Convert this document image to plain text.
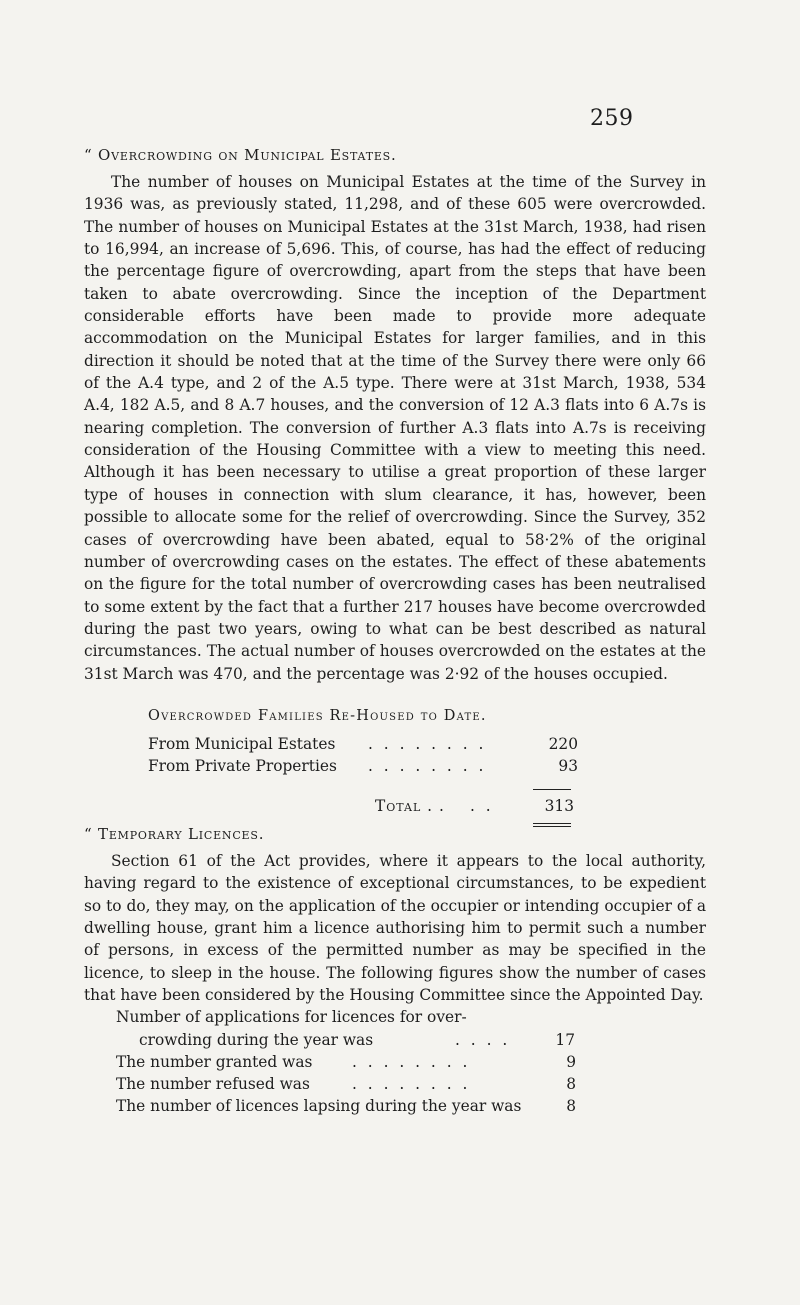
259
“ Overcrowding on Municipal Estates.

The number of houses on Municipal Estates at the time of the Survey in 1936 was, as previously stated, 11,298, and of these 605 were overcrowded. The number of houses on Municipal Estates at the 31st March, 1938, had risen to 16,994, an increase of 5,696. This, of course, has had the effect of reducing the percentage figure of overcrowding, apart from the steps that have been taken to abate overcrowding. Since the inception of the Department considerable efforts have been made to provide more adequate accommodation on the Municipal Estates for larger families, and in this direction it should be noted that at the time of the Survey there were only 66 of the A.4 type, and 2 of the A.5 type. There were at 31st March, 1938, 534 A.4, 182 A.5, and 8 A.7 houses, and the conversion of 12 A.3 flats into 6 A.7s is nearing completion. The conversion of further A.3 flats into A.7s is receiving consideration of the Housing Committee with a view to meeting this need. Although it has been necessary to utilise a great proportion of these larger type of houses in connection with slum clearance, it has, however, been possible to allocate some for the relief of overcrowding. Since the Survey, 352 cases of overcrowding have been abated, equal to 58·2% of the original number of overcrowding cases on the estates. The effect of these abatements on the figure for the total number of overcrowding cases has been neutralised to some extent by the fact that a further 217 houses have become overcrowded during the past two years, owing to what can be best described as natural circumstances. The actual number of houses overcrowded on the estates at the 31st March was 470, and the percentage was 2·92 of the houses occupied.

Overcrowded Families Re-Housed to Date.
From Municipal Estates . . . . . . . .	220
From Private Properties . . . . . . . .	93
Total . . . .	313
“ Temporary Licences.

Section 61 of the Act provides, where it appears to the local authority, having regard to the existence of exceptional circumstances, to be expedient so to do, they may, on the application of the occupier or intending occupier of a dwelling house, grant him a licence authorising him to permit such a number of persons, in excess of the permitted number as may be specified in the licence, to sleep in the house. The following figures show the number of cases that have been considered by the Housing Committee since the Appointed Day.

Number of applications for licences for over-
crowding during the year was	. . . .	17
The number granted was	. . . . . . . .	9
The number refused was	. . . . . . . .	8
The number of licences lapsing during the year was	8
